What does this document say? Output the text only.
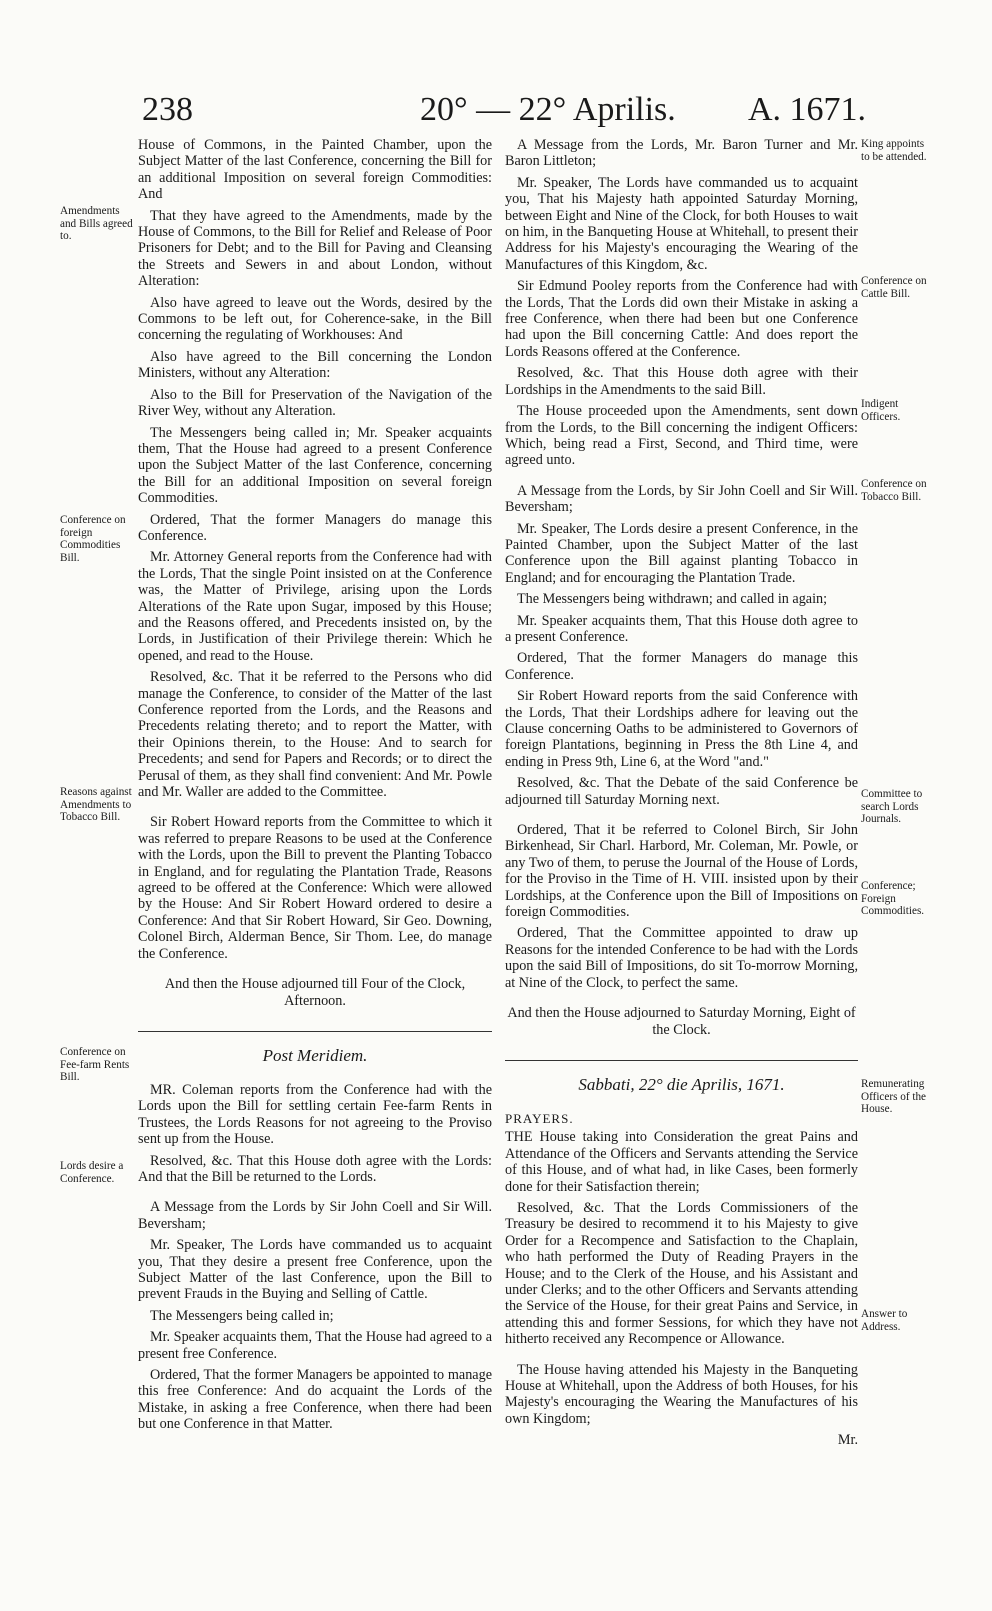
238	20° — 22° Aprilis. A. 1671.

House of Commons, in the Painted Chamber, upon the Subject Matter of the last Conference, concerning the Bill for an additional Imposition on several foreign Commodities: And

That they have agreed to the Amendments, made by the House of Commons, to the Bill for Relief and Release of Poor Prisoners for Debt; and to the Bill for Paving and Cleansing the Streets and Sewers in and about London, without Alteration:

Also have agreed to leave out the Words, desired by the Commons to be left out, for Coherence-sake, in the Bill concerning the regulating of Workhouses: And

Also have agreed to the Bill concerning the London Ministers, without any Alteration:

Also to the Bill for Preservation of the Navigation of the River Wey, without any Alteration.

The Messengers being called in; Mr. Speaker acquaints them, That the House had agreed to a present Conference upon the Subject Matter of the last Conference, concerning the Bill for an additional Imposition on several foreign Commodities.

Ordered, That the former Managers do manage this Conference.

Mr. Attorney General reports from the Conference had with the Lords, That the single Point insisted on at the Conference was, the Matter of Privilege, arising upon the Lords Alterations of the Rate upon Sugar, imposed by this House; and the Reasons offered, and Precedents insisted on, by the Lords, in Justification of their Privilege therein: Which he opened, and read to the House.

Resolved, &c. That it be referred to the Persons who did manage the Conference, to consider of the Matter of the last Conference reported from the Lords, and the Reasons and Precedents relating thereto; and to report the Matter, with their Opinions therein, to the House: And to search for Precedents; and send for Papers and Records; or to direct the Perusal of them, as they shall find convenient: And Mr. Powle and Mr. Waller are added to the Committee.

Sir Robert Howard reports from the Committee to which it was referred to prepare Reasons to be used at the Conference with the Lords, upon the Bill to prevent the Planting Tobacco in England, and for regulating the Plantation Trade, Reasons agreed to be offered at the Conference: Which were allowed by the House: And Sir Robert Howard ordered to desire a Conference: And that Sir Robert Howard, Sir Geo. Downing, Colonel Birch, Alderman Bence, Sir Thom. Lee, do manage the Conference.

And then the House adjourned till Four of the Clock, Afternoon.

Post Meridiem.

MR. Coleman reports from the Conference had with the Lords upon the Bill for settling certain Fee-farm Rents in Trustees, the Lords Reasons for not agreeing to the Proviso sent up from the House.

Resolved, &c. That this House doth agree with the Lords: And that the Bill be returned to the Lords.

A Message from the Lords by Sir John Coell and Sir Will. Beversham;

Mr. Speaker, The Lords have commanded us to acquaint you, That they desire a present free Conference, upon the Subject Matter of the last Conference, upon the Bill to prevent Frauds in the Buying and Selling of Cattle.

The Messengers being called in;

Mr. Speaker acquaints them, That the House had agreed to a present free Conference.

Ordered, That the former Managers be appointed to manage this free Conference: And do acquaint the Lords of the Mistake, in asking a free Conference, when there had been but one Conference in that Matter.

A Message from the Lords, Mr. Baron Turner and Mr. Baron Littleton;

Mr. Speaker, The Lords have commanded us to acquaint you, That his Majesty hath appointed Saturday Morning, between Eight and Nine of the Clock, for both Houses to wait on him, in the Banqueting House at Whitehall, to present their Address for his Majesty's encouraging the Wearing of the Manufactures of this Kingdom, &c.

Sir Edmund Pooley reports from the Conference had with the Lords, That the Lords did own their Mistake in asking a free Conference, when there had been but one Conference had upon the Bill concerning Cattle: And does report the Lords Reasons offered at the Conference.

Resolved, &c. That this House doth agree with their Lordships in the Amendments to the said Bill.

The House proceeded upon the Amendments, sent down from the Lords, to the Bill concerning the indigent Officers: Which, being read a First, Second, and Third time, were agreed unto.

A Message from the Lords, by Sir John Coell and Sir Will. Beversham;

Mr. Speaker, The Lords desire a present Conference, in the Painted Chamber, upon the Subject Matter of the last Conference upon the Bill against planting Tobacco in England; and for encouraging the Plantation Trade.

The Messengers being withdrawn; and called in again;

Mr. Speaker acquaints them, That this House doth agree to a present Conference.

Ordered, That the former Managers do manage this Conference.

Sir Robert Howard reports from the said Conference with the Lords, That their Lordships adhere for leaving out the Clause concerning Oaths to be administered to Governors of foreign Plantations, beginning in Press the 8th Line 4, and ending in Press 9th, Line 6, at the Word "and."

Resolved, &c. That the Debate of the said Conference be adjourned till Saturday Morning next.

Ordered, That it be referred to Colonel Birch, Sir John Birkenhead, Sir Charl. Harbord, Mr. Coleman, Mr. Powle, or any Two of them, to peruse the Journal of the House of Lords, for the Proviso in the Time of H. VIII. insisted upon by their Lordships, at the Conference upon the Bill of Impositions on foreign Commodities.

Ordered, That the Committee appointed to draw up Reasons for the intended Conference to be had with the Lords upon the said Bill of Impositions, do sit To-morrow Morning, at Nine of the Clock, to perfect the same.

And then the House adjourned to Saturday Morning, Eight of the Clock.

Sabbati, 22° die Aprilis, 1671.

PRAYERS.

THE House taking into Consideration the great Pains and Attendance of the Officers and Servants attending the Service of this House, and of what had, in like Cases, been formerly done for their Satisfaction therein;

Resolved, &c. That the Lords Commissioners of the Treasury be desired to recommend it to his Majesty to give Order for a Recompence and Satisfaction to the Chaplain, who hath performed the Duty of Reading Prayers in the House; and to the Clerk of the House, and his Assistant and under Clerks; and to the other Officers and Servants attending the Service of the House, for their great Pains and Service, in attending this and former Sessions, for which they have not hitherto received any Recompence or Allowance.

The House having attended his Majesty in the Banqueting House at Whitehall, upon the Address of both Houses, for his Majesty's encouraging the Wearing the Manufactures of his own Kingdom;

Mr.

Amendments and Bills agreed to.
Conference on foreign Commodities Bill.
Reasons against Amendments to Tobacco Bill.
Conference on Fee-farm Rents Bill.
Lords desire a Conference.
King appoints to be attended.
Conference on Cattle Bill.
Indigent Officers.
Conference on Tobacco Bill.
Committee to search Lords Journals.
Conference; Foreign Commodities.
Remunerating Officers of the House.
Answer to Address.
